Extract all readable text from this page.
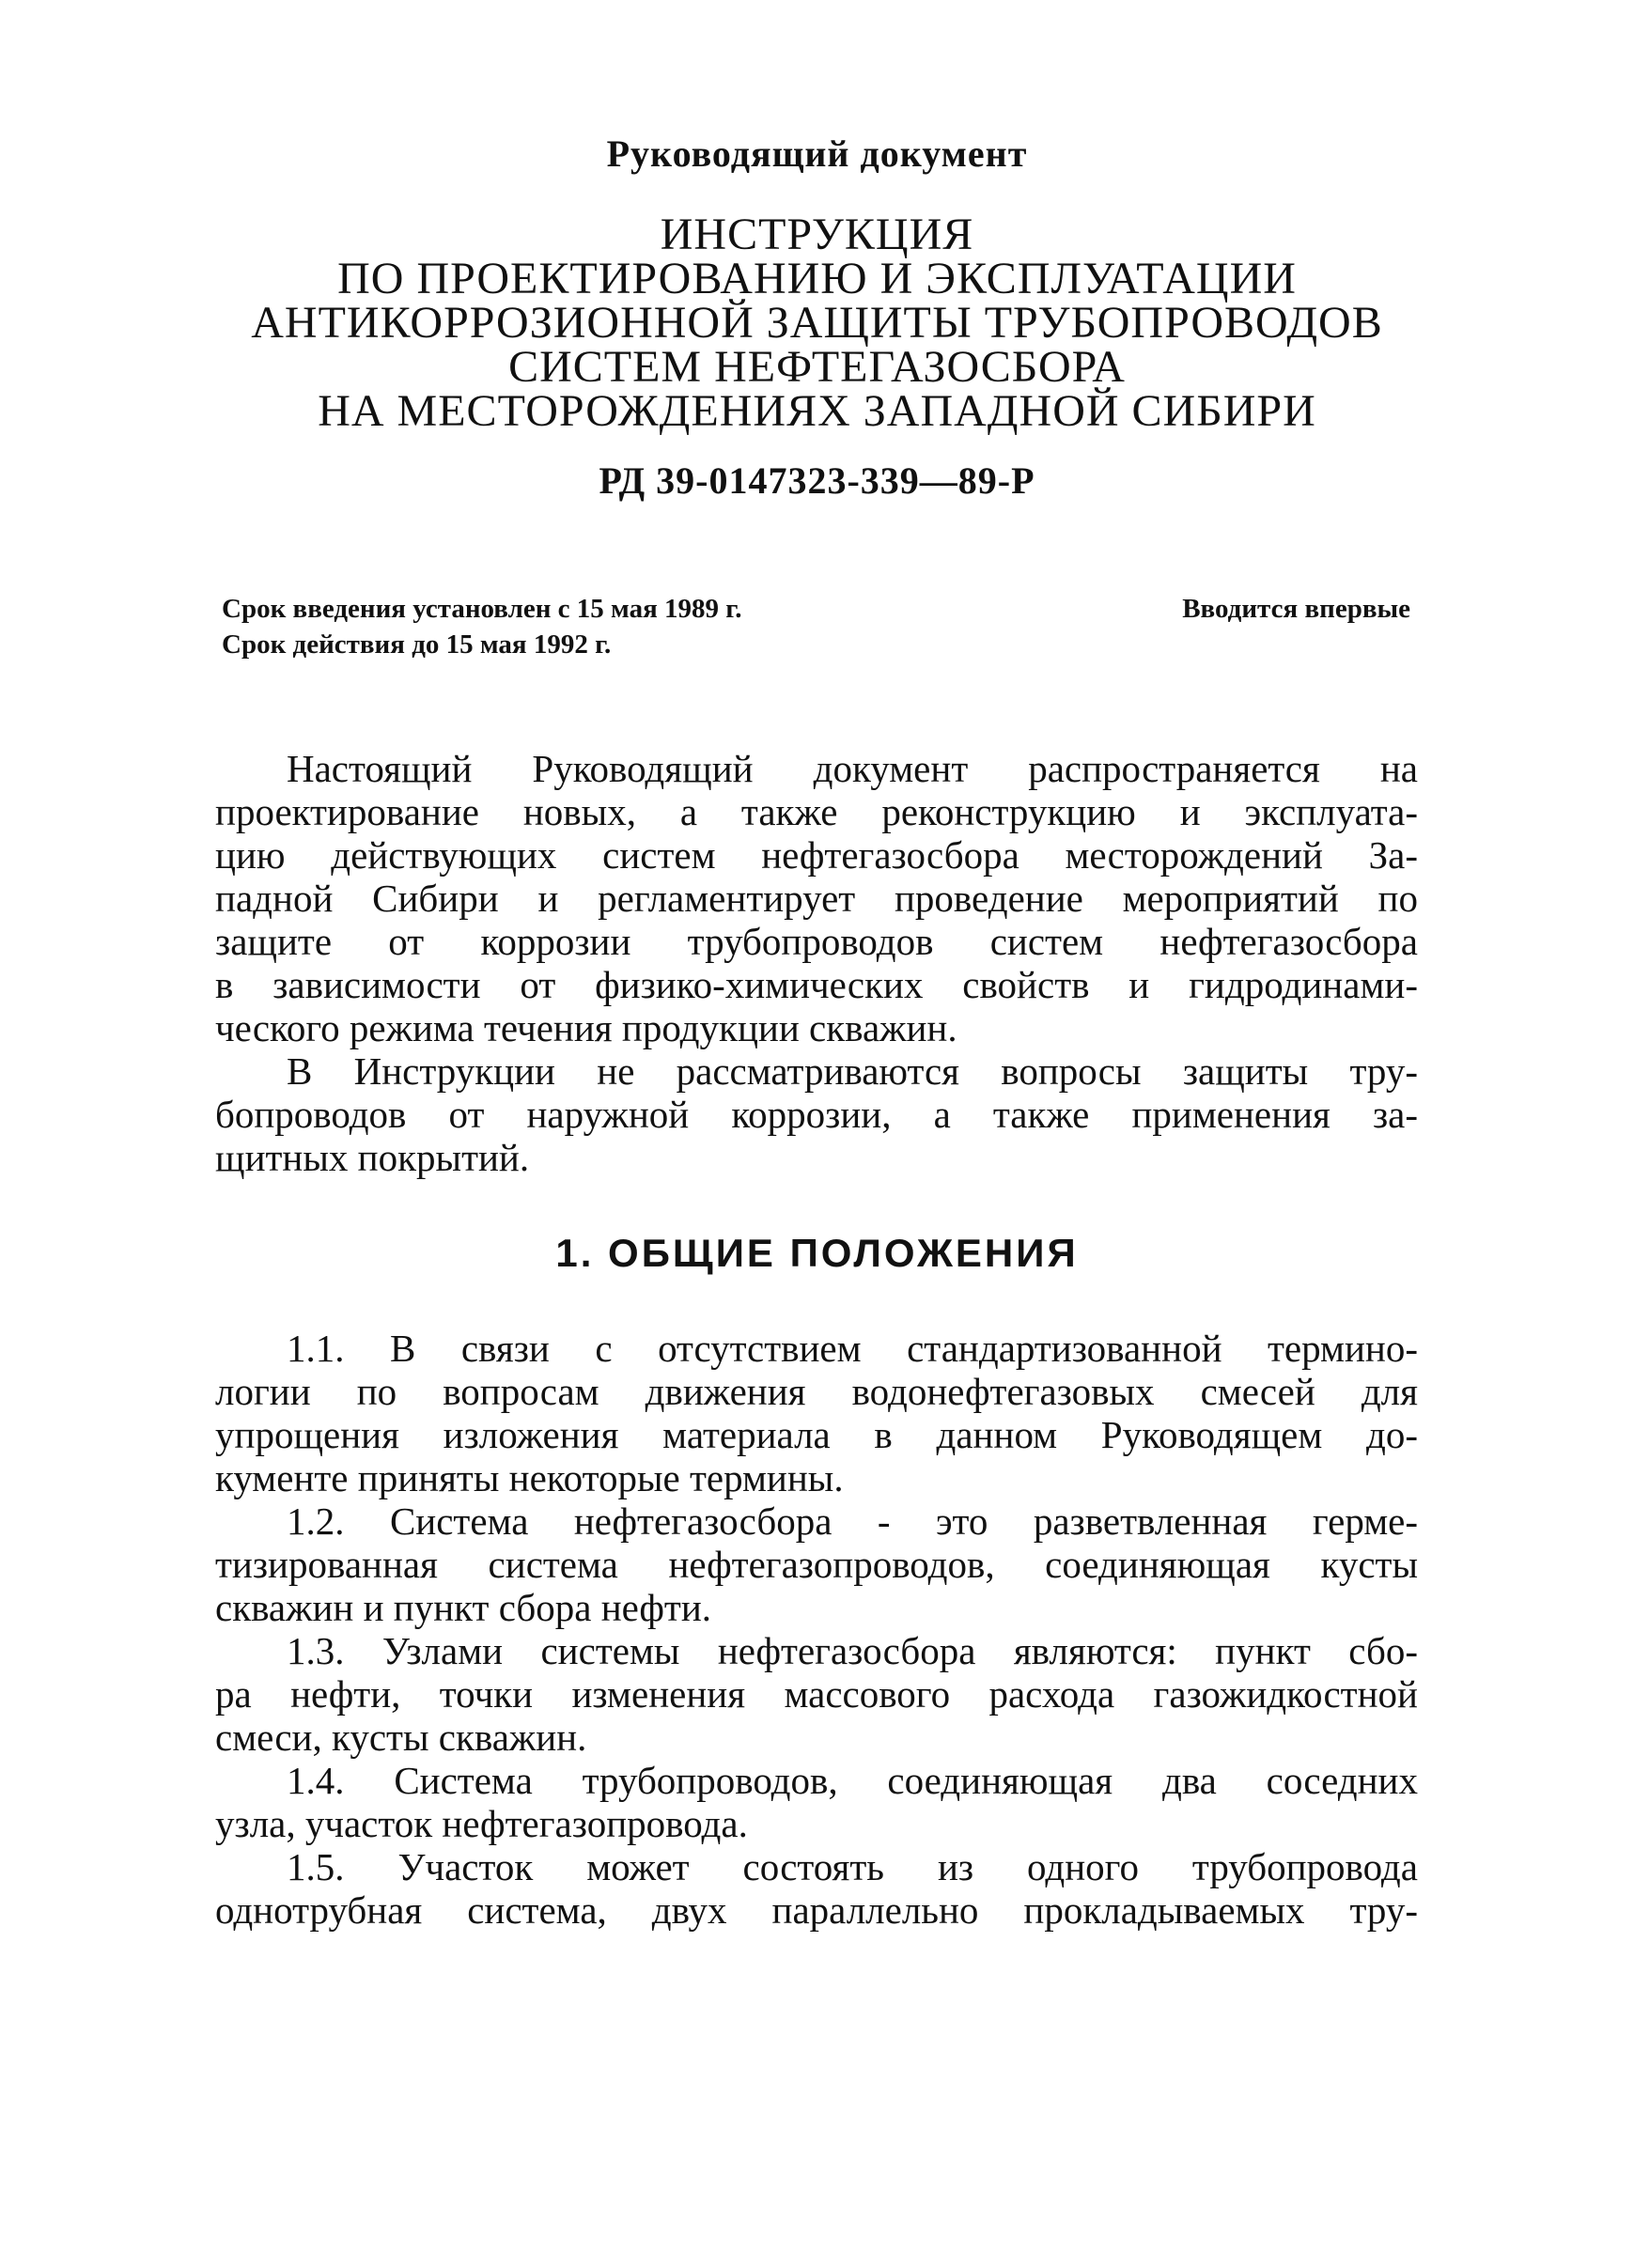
Руководящий документ
ИНСТРУКЦИЯ
ПО ПРОЕКТИРОВАНИЮ И ЭКСПЛУАТАЦИИ
АНТИКОРРОЗИОННОЙ ЗАЩИТЫ ТРУБОПРОВОДОВ
СИСТЕМ НЕФТЕГАЗОСБОРА
НА МЕСТОРОЖДЕНИЯХ ЗАПАДНОЙ СИБИРИ
РД 39-0147323-339—89-Р
Срок введения установлен с 15 мая 1989 г.
Срок действия до 15 мая 1992 г.
Вводится впервые

Настоящий Руководящий документ распространяется на
проектирование новых, а также реконструкцию и эксплуата-
цию действующих систем нефтегазосбора месторождений За-
падной Сибири и регламентирует проведение мероприятий по
защите от коррозии трубопроводов систем нефтегазосбора
в зависимости от физико-химических свойств и гидродинами-
ческого режима течения продукции скважин.

В Инструкции не рассматриваются вопросы защиты тру-
бопроводов от наружной коррозии, а также применения за-
щитных покрытий.

1. ОБЩИЕ ПОЛОЖЕНИЯ

1.1. В связи с отсутствием стандартизованной термино-
логии по вопросам движения водонефтегазовых смесей для
упрощения изложения материала в данном Руководящем до-
кументе приняты некоторые термины.

1.2. Система нефтегазосбора - это разветвленная герме-
тизированная система нефтегазопроводов, соединяющая кусты
скважин и пункт сбора нефти.

1.3. Узлами системы нефтегазосбора являются: пункт сбо-
ра нефти, точки изменения массового расхода газожидкостной
смеси, кусты скважин.

1.4. Система трубопроводов, соединяющая два соседних
узла, участок нефтегазопровода.

1.5. Участок может состоять из одного трубопровода
однотрубная система, двух параллельно прокладываемых тру-
